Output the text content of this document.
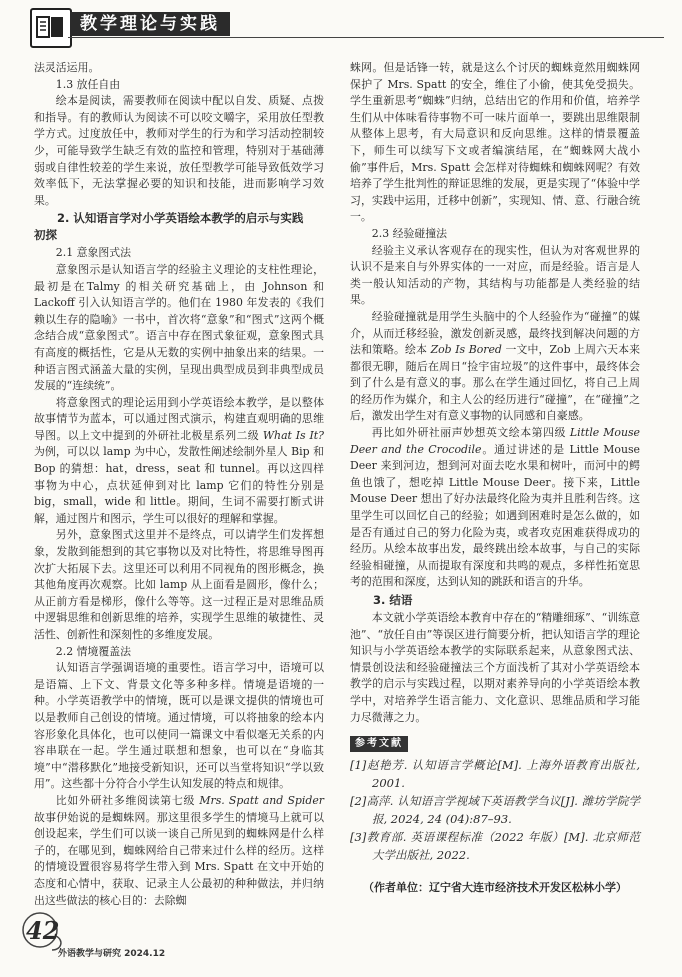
教学理论与实践

法灵活运用。

1.3 放任自由

绘本是阅读，需要教师在阅读中配以自发、质疑、点拨和指导。有的教师认为阅读不可以咬文嚼字，采用放任型教学方式。过度放任中，教师对学生的行为和学习活动控制较少，可能导致学生缺乏有效的监控和管理，特别对于基础薄弱或自律性较差的学生来说，放任型教学可能导致低效学习效率低下，无法掌握必要的知识和技能，进而影响学习效果。

2. 认知语言学对小学英语绘本教学的启示与实践
初探

2.1 意象图式法

意象图示是认知语言学的经验主义理论的支柱性理论，最初是在Talmy 的相关研究基础上，由 Johnson 和 Lackoff 引入认知语言学的。他们在 1980 年发表的《我们赖以生存的隐喻》一书中，首次将“意象”和“图式”这两个概念结合成“意象图式”。语言中存在图式象征观，意象图式具有高度的概括性，它是从无数的实例中抽象出来的结果。一种语言图式涵盖大量的实例，呈现出典型成员到非典型成员发展的“连续统”。

将意象图式的理论运用到小学英语绘本教学，是以整体故事情节为蓝本，可以通过图式演示，构建直观明确的思维导图。以上文中提到的外研社北极星系列二级 What Is It?为例，可以以 lamp 为中心，发散性阐述绘制外星人 Bip 和 Bop 的猜想：hat，dress，seat 和 tunnel。再以这四样事物为中心，点状延伸到对比 lamp 它们的特性分别是 big，small，wide 和 little。期间，生词不需要打断式讲解，通过图片和图示，学生可以很好的理解和掌握。

另外，意象图式这里并不是终点，可以请学生们发挥想象，发散到能想到的其它事物以及对比特性，将思维导图再次扩大拓展下去。这里还可以利用不同视角的图形概念，换其他角度再次观察。比如 lamp 从上面看是圆形，像什么；从正前方看是梯形，像什么等等。这一过程正是对思维品质中逻辑思维和创新思维的培养，实现学生思维的敏捷性、灵活性、创新性和深刻性的多维度发展。

2.2 情境覆盖法

认知语言学强调语境的重要性。语言学习中，语境可以是语篇、上下文、背景文化等多种多样。情境是语境的一种。小学英语教学中的情境，既可以是课文提供的情境也可以是教师自己创设的情境。通过情境，可以将抽象的绘本内容形象化具体化，也可以使同一篇课文中看似毫无关系的内容串联在一起。学生通过联想和想象，也可以在“身临其境”中“潜移默化”地接受新知识，还可以当堂将知识“学以致用”。这些都十分符合小学生认知发展的特点和规律。

比如外研社多维阅读第七级 Mrs. Spatt and Spider 故事伊始说的是蜘蛛网。那这里很多学生的情境马上就可以创设起来，学生们可以谈一谈自己所见到的蜘蛛网是什么样子的，在哪见到，蜘蛛网给自己带来过什么样的经历。这样的情境设置很容易将学生带入到 Mrs. Spatt 在文中开始的态度和心情中，获取、记录主人公最初的种种做法，并归纳出这些做法的核心目的：去除蜘

蛛网。但是话锋一转，就是这么个讨厌的蜘蛛竟然用蜘蛛网保护了 Mrs. Spatt 的安全，维住了小偷，使其免受损失。学生重新思考“蜘蛛”归纳，总结出它的作用和价值，培养学生们从中体味看待事物不可一味片面单一，要跳出思维限制从整体上思考，有大局意识和反向思维。这样的情景覆盖下，师生可以续写下文或者编演结尾，在“蜘蛛网大战小偷”事件后，Mrs. Spatt 会怎样对待蜘蛛和蜘蛛网呢？有效培养了学生批判性的辩证思维的发展，更是实现了“体验中学习，实践中运用，迁移中创新”，实现知、情、意、行融合统一。

2.3 经验碰撞法

经验主义承认客观存在的现实性，但认为对客观世界的认识不是来自与外界实体的一一对应，而是经验。语言是人类一般认知活动的产物，其结构与功能都是人类经验的结果。

经验碰撞就是用学生头脑中的个人经验作为“碰撞”的媒介，从而迁移经验，激发创新灵感，最终找到解决问题的方法和策略。绘本 Zob Is Bored 一文中，Zob 上周六天本来都很无聊，随后在周日“捡宇宙垃圾”的这件事中，最终体会到了什么是有意义的事。那么在学生通过回忆，将自己上周的经历作为媒介，和主人公的经历进行“碰撞”，在“碰撞”之后，激发出学生对有意义事物的认同感和自豪感。

再比如外研社丽声妙想英文绘本第四级 Little Mouse Deer and the Crocodile。通过讲述的是 Little Mouse Deer 来到河边，想到河对面去吃水果和树叶，而河中的鳄鱼也饿了，想吃掉 Little Mouse Deer。接下来，Little Mouse Deer 想出了好办法最终化险为夷并且胜利告终。这里学生可以回忆自己的经验；如遇到困难时是怎么做的，如是否有通过自己的努力化险为夷，或者攻克困难获得成功的经历。从绘本故事出发，最终跳出绘本故事，与自己的实际经验相碰撞，从而提取有深度和共鸣的观点，多样性拓宽思考的范围和深度，达到认知的跳跃和语言的升华。

3. 结语

本文就小学英语绘本教育中存在的“精雕细琢”、“训练意池”、“放任自由”等误区进行简要分析，把认知语言学的理论知识与小学英语绘本教学的实际联系起来，从意象图式法、情景创设法和经验碰撞法三个方面浅析了其对小学英语绘本教学的启示与实践过程，以期对素养导向的小学英语绘本教学中，对培养学生语言能力、文化意识、思维品质和学习能力尽微薄之力。

参考文献
[1]赵艳芳. 认知语言学概论[M]. 上海外语教育出版社, 2001.
[2]高萍. 认知语言学视域下英语教学刍议[J]. 潍坊学院学报, 2024, 24 (04):87–93.
[3]教育部. 英语课程标准（2022 年版）[M]. 北京师范大学出版社, 2022.
（作者单位：辽宁省大连市经济技术开发区松林小学）
42
外语教学与研究 2024.12
